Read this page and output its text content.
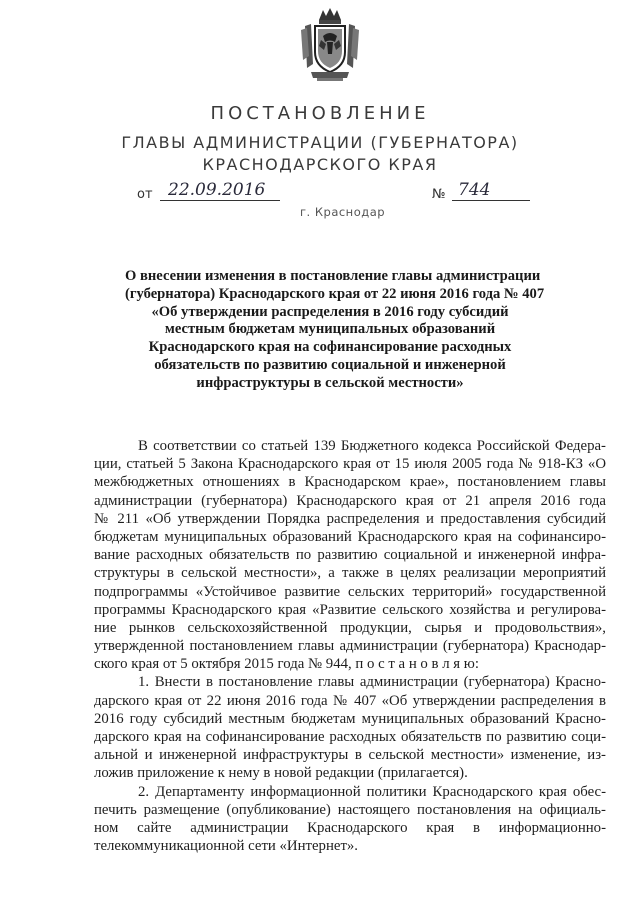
ПОСТАНОВЛЕНИЕ
ГЛАВЫ АДМИНИСТРАЦИИ (ГУБЕРНАТОРА)
КРАСНОДАРСКОГО КРАЯ
от 22.09.2016	№ 744
г. Краснодар
О внесении изменения в постановление главы администрации
(губернатора) Краснодарского края от 22 июня 2016 года № 407
«Об утверждении распределения в 2016 году субсидий
местным бюджетам муниципальных образований
Краснодарского края на софинансирование расходных
обязательств по развитию социальной и инженерной
инфраструктуры в сельской местности»
В соответствии со статьей 139 Бюджетного кодекса Российской Федера-
ции, статьей 5 Закона Краснодарского края от 15 июля 2005 года № 918-КЗ «О
межбюджетных отношениях в Краснодарском крае», постановлением главы
администрации (губернатора) Краснодарского края от 21 апреля 2016 года
№ 211 «Об утверждении Порядка распределения и предоставления субсидий
бюджетам муниципальных образований Краснодарского края на софинансиро-
вание расходных обязательств по развитию социальной и инженерной инфра-
структуры в сельской местности», а также в целях реализации мероприятий
подпрограммы «Устойчивое развитие сельских территорий» государственной
программы Краснодарского края «Развитие сельского хозяйства и регулирова-
ние рынков сельскохозяйственной продукции, сырья и продовольствия»,
утвержденной постановлением главы администрации (губернатора) Краснодар-
ского края от 5 октября 2015 года № 944, п о с т а н о в л я ю:
1. Внести в постановление главы администрации (губернатора) Красно-
дарского края от 22 июня 2016 года № 407 «Об утверждении распределения в
2016 году субсидий местным бюджетам муниципальных образований Красно-
дарского края на софинансирование расходных обязательств по развитию соци-
альной и инженерной инфраструктуры в сельской местности» изменение, из-
ложив приложение к нему в новой редакции (прилагается).
2. Департаменту информационной политики Краснодарского края обес-
печить размещение (опубликование) настоящего постановления на официаль-
ном сайте администрации Краснодарского края в информационно-
телекоммуникационной сети «Интернет».
